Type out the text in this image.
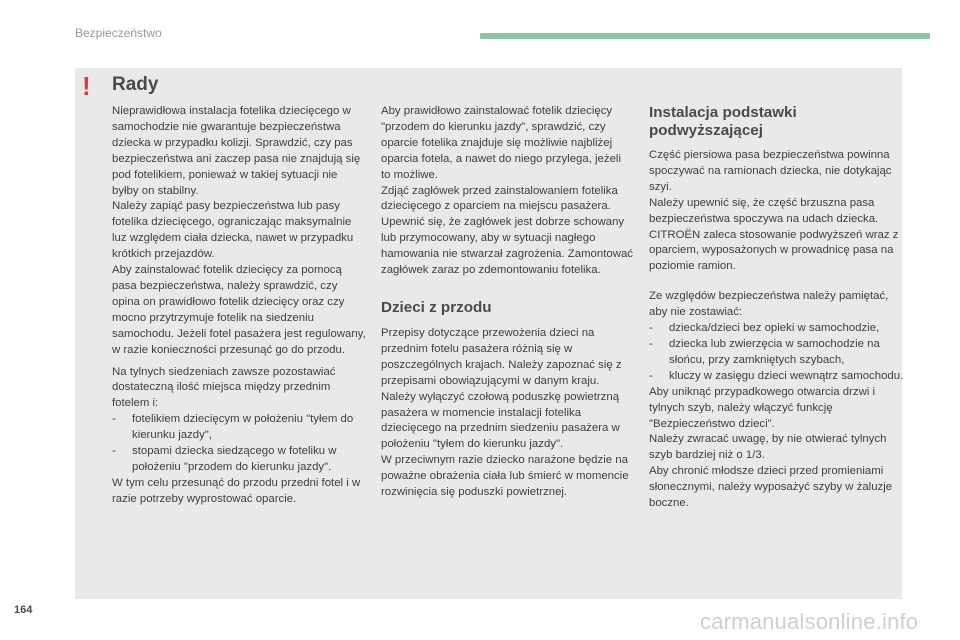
Bezpieczeństwo
! Rady

Nieprawidłowa instalacja fotelika dziecięcego w samochodzie nie gwarantuje bezpieczeństwa dziecka w przypadku kolizji. Sprawdzić, czy pas bezpieczeństwa ani zaczep pasa nie znajdują się pod fotelikiem, ponieważ w takiej sytuacji nie byłby on stabilny.

Należy zapiąć pasy bezpieczeństwa lub pasy fotelika dziecięcego, ograniczając maksymalnie luz względem ciała dziecka, nawet w przypadku krótkich przejazdów.

Aby zainstalować fotelik dziecięcy za pomocą pasa bezpieczeństwa, należy sprawdzić, czy opina on prawidłowo fotelik dziecięcy oraz czy mocno przytrzymuje fotelik na siedzeniu samochodu. Jeżeli fotel pasażera jest regulowany, w razie konieczności przesunąć go do przodu.

Na tylnych siedzeniach zawsze pozostawiać dostateczną ilość miejsca między przednim fotelem i:

- fotelikiem dziecięcym w położeniu "tyłem do kierunku jazdy",
- stopami dziecka siedzącego w foteliku w położeniu "przodem do kierunku jazdy".

W tym celu przesunąć do przodu przedni fotel i w razie potrzeby wyprostować oparcie.

Aby prawidłowo zainstalować fotelik dziecięcy "przodem do kierunku jazdy", sprawdzić, czy oparcie fotelika znajduje się możliwie najbliżej oparcia fotela, a nawet do niego przylega, jeżeli to możliwe.

Zdjąć zagłówek przed zainstalowaniem fotelika dziecięcego z oparciem na miejscu pasażera.

Upewnić się, że zagłówek jest dobrze schowany lub przymocowany, aby w sytuacji nagłego hamowania nie stwarzał zagrożenia. Zamontować zagłówek zaraz po zdemontowaniu fotelika.

Dzieci z przodu

Przepisy dotyczące przewożenia dzieci na przednim fotelu pasażera różnią się w poszczególnych krajach. Należy zapoznać się z przepisami obowiązującymi w danym kraju.

Należy wyłączyć czołową poduszkę powietrzną pasażera w momencie instalacji fotelika dziecięcego na przednim siedzeniu pasażera w położeniu "tyłem do kierunku jazdy".

W przeciwnym razie dziecko narażone będzie na poważne obrażenia ciała lub śmierć w momencie rozwinięcia się poduszki powietrznej.

Instalacja podstawki podwyższającej

Część piersiowa pasa bezpieczeństwa powinna spoczywać na ramionach dziecka, nie dotykając szyi.

Należy upewnić się, że część brzuszna pasa bezpieczeństwa spoczywa na udach dziecka.

CITROËN zaleca stosowanie podwyższeń wraz z oparciem, wyposażonych w prowadnicę pasa na poziomie ramion.

Ze względów bezpieczeństwa należy pamiętać, aby nie zostawiać:

- dziecka/dzieci bez opieki w samochodzie,
- dziecka lub zwierzęcia w samochodzie na słońcu, przy zamkniętych szybach,
- kluczy w zasięgu dzieci wewnątrz samochodu.

Aby uniknąć przypadkowego otwarcia drzwi i tylnych szyb, należy włączyć funkcję "Bezpieczeństwo dzieci".

Należy zwracać uwagę, by nie otwierać tylnych szyb bardziej niż o 1/3.

Aby chronić młodsze dzieci przed promieniami słonecznymi, należy wyposażyć szyby w żaluzje boczne.

164	carmanualsonline.info
